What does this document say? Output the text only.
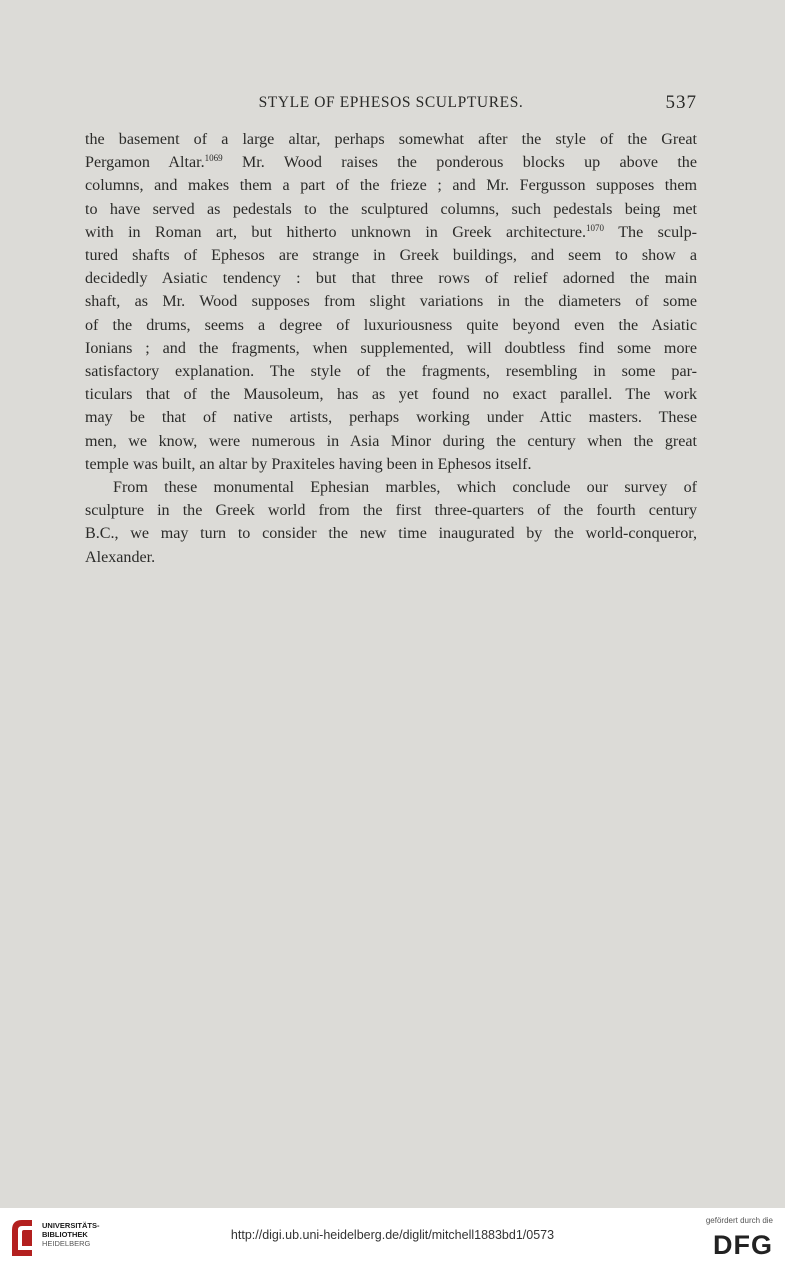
STYLE OF EPHESOS SCULPTURES.	537

the basement of a large altar, perhaps somewhat after the style of the Great
Pergamon Altar.$^{1069}$ Mr. Wood raises the ponderous blocks up above the
columns, and makes them a part of the frieze ; and Mr. Fergusson supposes them
to have served as pedestals to the sculptured columns, such pedestals being met
with in Roman art, but hitherto unknown in Greek architecture.$^{1070}$ The sculp-
tured shafts of Ephesos are strange in Greek buildings, and seem to show a
decidedly Asiatic tendency : but that three rows of relief adorned the main
shaft, as Mr. Wood supposes from slight variations in the diameters of some
of the drums, seems a degree of luxuriousness quite beyond even the Asiatic
Ionians ; and the fragments, when supplemented, will doubtless find some more
satisfactory explanation. The style of the fragments, resembling in some par-
ticulars that of the Mausoleum, has as yet found no exact parallel. The work
may be that of native artists, perhaps working under Attic masters. These
men, we know, were numerous in Asia Minor during the century when the great
temple was built, an altar by Praxiteles having been in Ephesos itself.

From these monumental Ephesian marbles, which conclude our survey of
sculpture in the Greek world from the first three-quarters of the fourth century
B.C., we may turn to consider the new time inaugurated by the world-conqueror,
Alexander.

UNIVERSITÄTS-
BIBLIOTHEK
HEIDELBERG
http://digi.ub.uni-heidelberg.de/diglit/mitchell1883bd1/0573
gefördert durch die
DFG
